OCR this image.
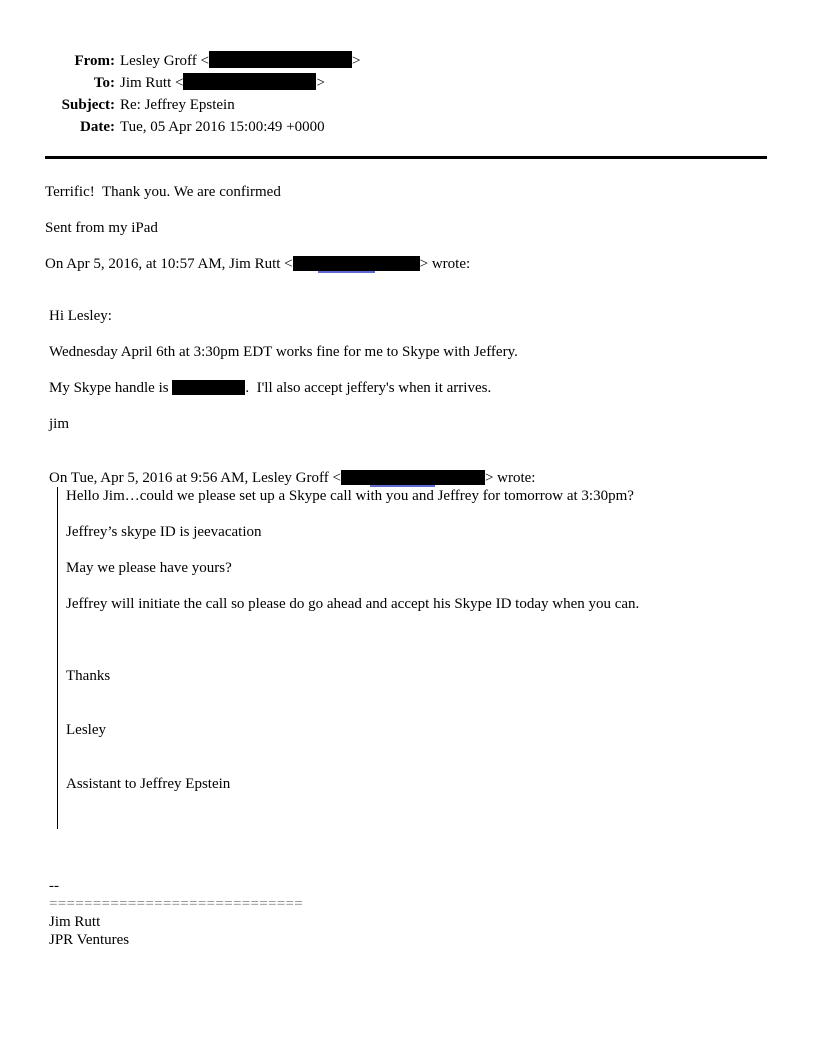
From:	Lesley Groff < >
To:	Jim Rutt < >
Subject:	Re: Jeffrey Epstein
Date:	Tue, 05 Apr 2016 15:00:49 +0000

Terrific!  Thank you. We are confirmed

Sent from my iPad

On Apr 5, 2016, at 10:57 AM, Jim Rutt <	> wrote:

Hi Lesley:

Wednesday April 6th at 3:30pm EDT works fine for me to Skype with Jeffery.

My Skype handle is	.  I'll also accept jeffery's when it arrives.

jim

On Tue, Apr 5, 2016 at 9:56 AM, Lesley Groff <	> wrote:

Hello Jim…could we please set up a Skype call with you and Jeffrey for tomorrow at 3:30pm?

Jeffrey’s skype ID is jeevacation

May we please have yours?

Jeffrey will initiate the call so please do go ahead and accept his Skype ID today when you can.

Thanks

Lesley

Assistant to Jeffrey Epstein

--
=============================
Jim Rutt
JPR Ventures
